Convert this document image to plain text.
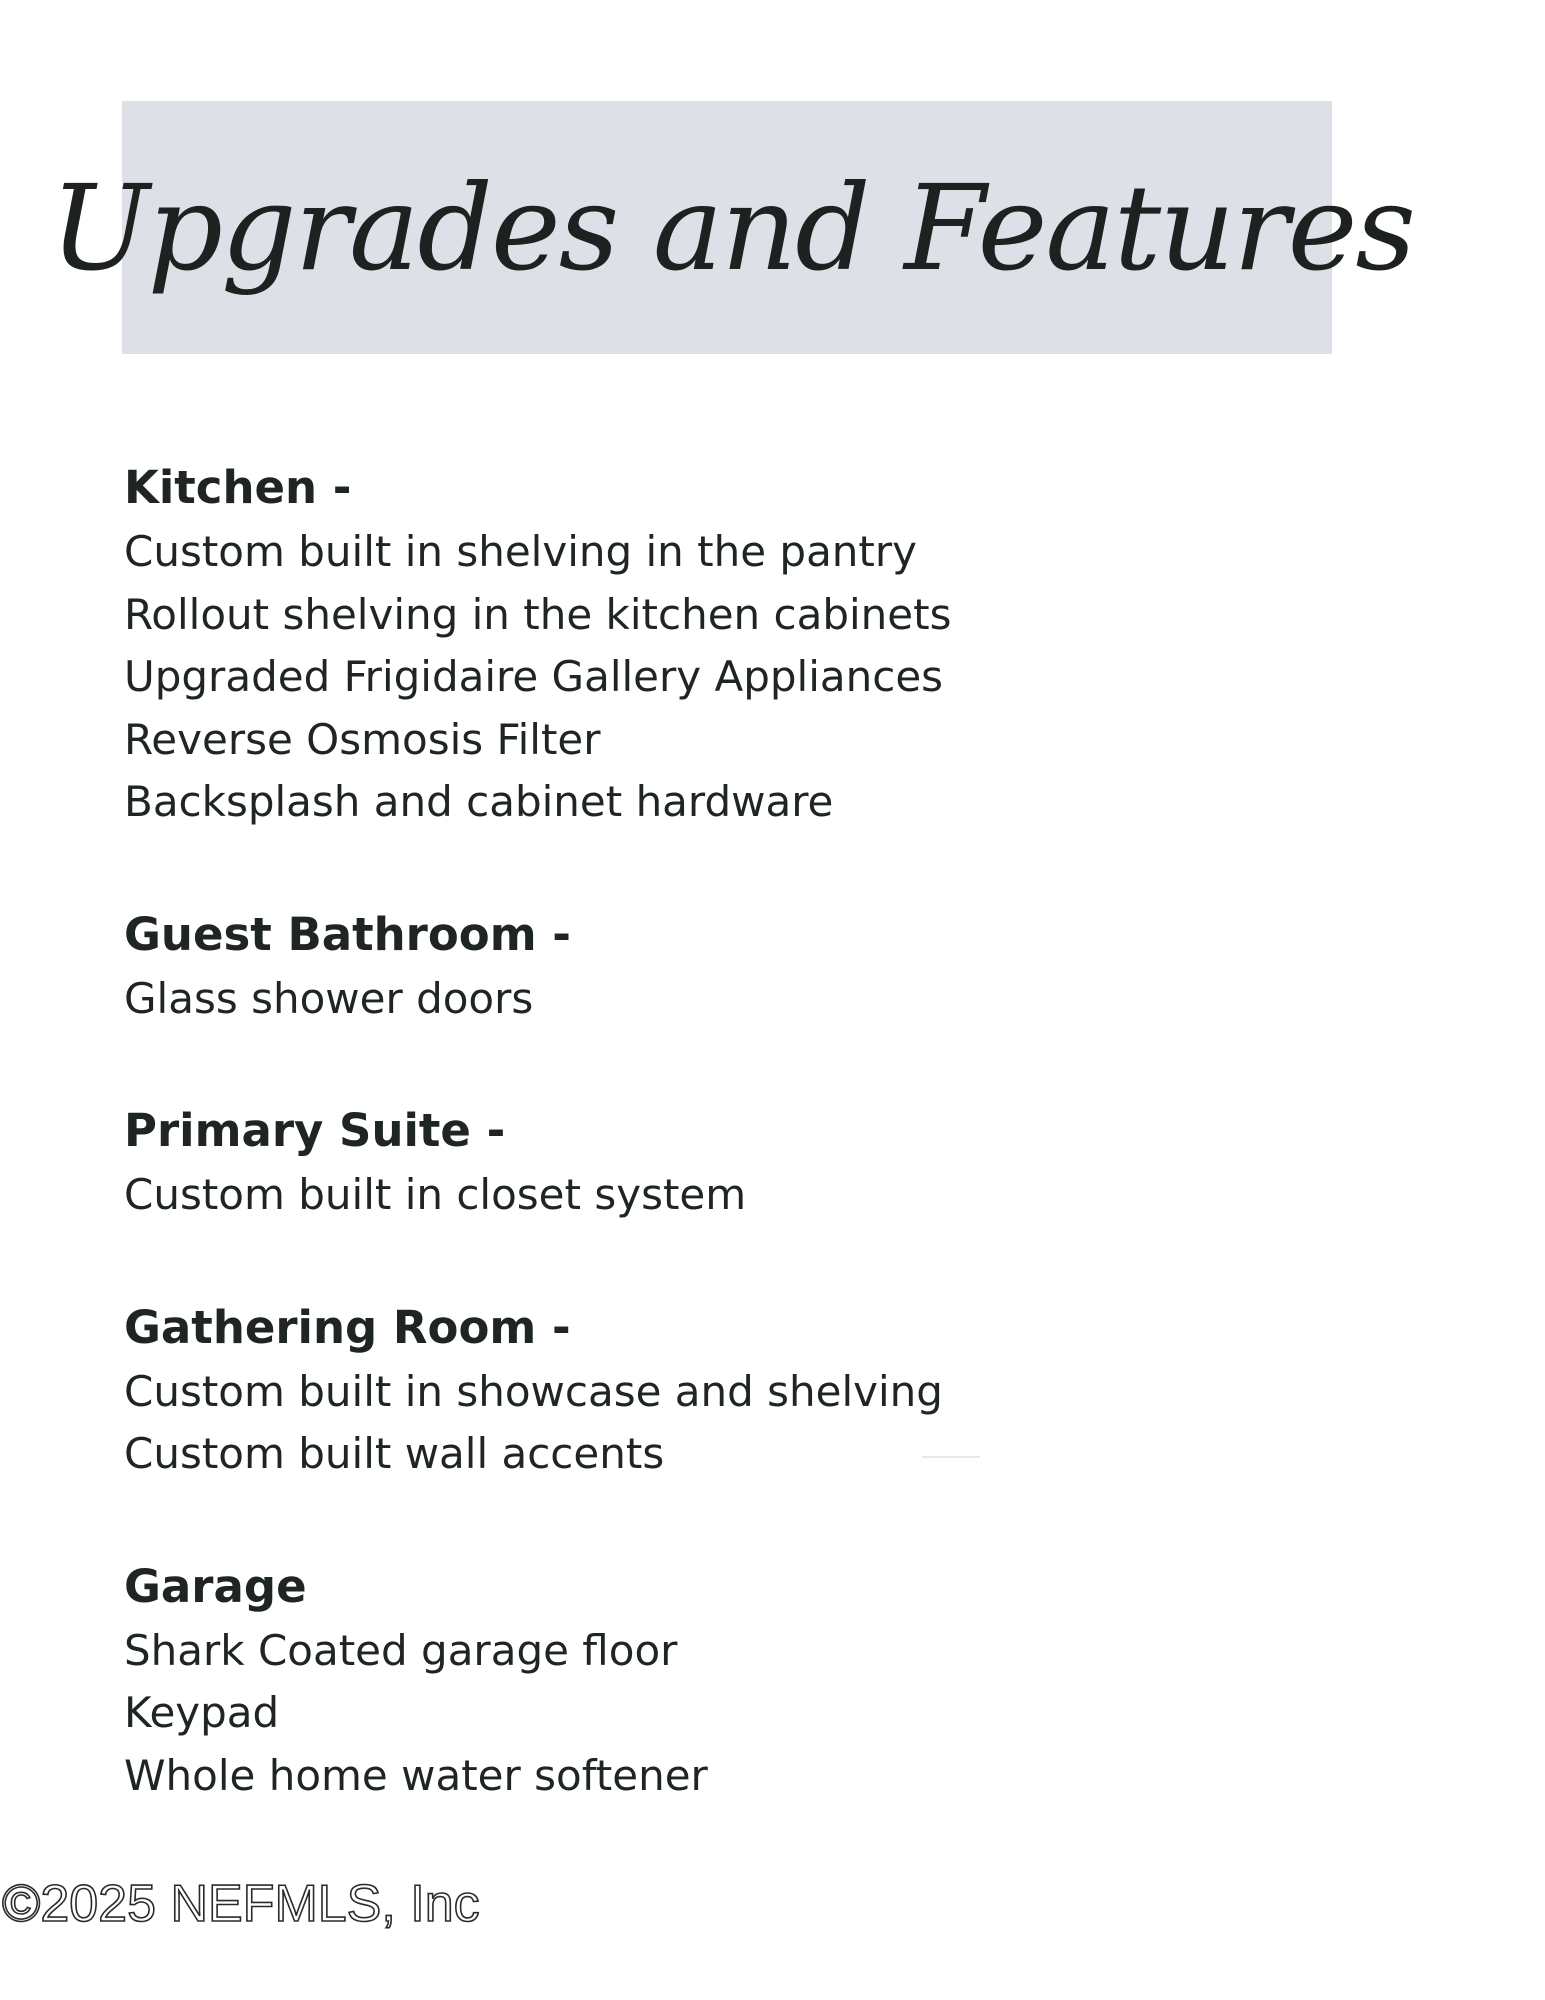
Upgrades and Features
Kitchen -
Custom built in shelving in the pantry
Rollout shelving in the kitchen cabinets
Upgraded Frigidaire Gallery Appliances
Reverse Osmosis Filter
Backsplash and cabinet hardware
Guest Bathroom -
Glass shower doors
Primary Suite -
Custom built in closet system
Gathering Room -
Custom built in showcase and shelving
Custom built wall accents
Garage
Shark Coated garage floor
Keypad
Whole home water softener
©2025 NEFMLS, Inc
